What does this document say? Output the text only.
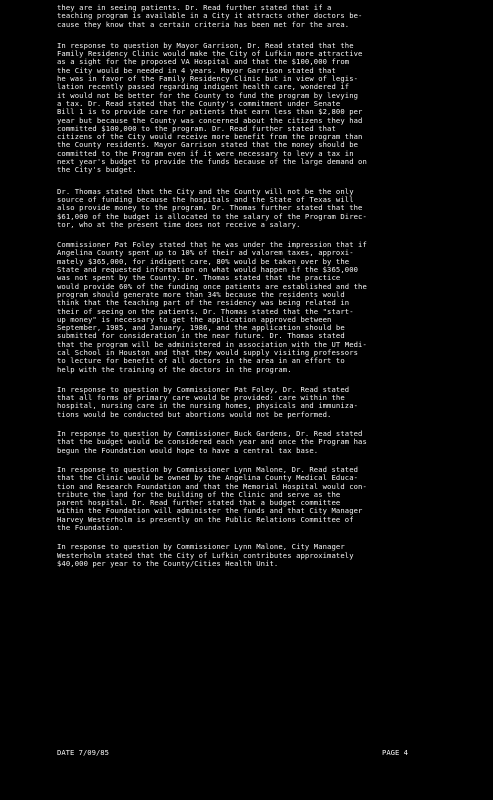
they are in seeing patients. Dr. Read further stated that if a
teaching program is available in a City it attracts other doctors be-
cause they know that a certain criteria has been met for the area.

In response to question by Mayor Garrison, Dr. Read stated that the
Family Residency Clinic would make the City of Lufkin more attractive
as a sight for the proposed VA Hospital and that the $100,000 from
the City would be needed in 4 years. Mayor Garrison stated that
he was in favor of the Family Residency Clinic but in view of legis-
lation recently passed regarding indigent health care, wondered if
it would not be better for the County to fund the program by levying
a tax. Dr. Read stated that the County's commitment under Senate
Bill 1 is to provide care for patients that earn less than $2,800 per
year but because the County was concerned about the citizens they had
committed $100,000 to the program. Dr. Read further stated that
citizens of the City would receive more benefit from the program than
the County residents. Mayor Garrison stated that the money should be
committed to the Program even if it were necessary to levy a tax in
next year's budget to provide the funds because of the large demand on
the City's budget.

Dr. Thomas stated that the City and the County will not be the only
source of funding because the hospitals and the State of Texas will
also provide money to the program. Dr. Thomas further stated that the
$61,000 of the budget is allocated to the salary of the Program Direc-
tor, who at the present time does not receive a salary.

Commissioner Pat Foley stated that he was under the impression that if
Angelina County spent up to 10% of their ad valorem taxes, approxi-
mately $365,000, for indigent care, 80% would be taken over by the
State and requested information on what would happen if the $365,000
was not spent by the County. Dr. Thomas stated that the practice
would provide 60% of the funding once patients are established and the
program should generate more than 34% because the residents would
think that the teaching part of the residency was being related in
their of seeing on the patients. Dr. Thomas stated that the "start-
up money" is necessary to get the application approved between
September, 1985, and January, 1986, and the application should be
submitted for consideration in the near future. Dr. Thomas stated
that the program will be administered in association with the UT Medi-
cal School in Houston and that they would supply visiting professors
to lecture for benefit of all doctors in the area in an effort to
help with the training of the doctors in the program.

In response to question by Commissioner Pat Foley, Dr. Read stated
that all forms of primary care would be provided: care within the
hospital, nursing care in the nursing homes, physicals and immuniza-
tions would be conducted but abortions would not be performed.

In response to question by Commissioner Buck Gardens, Dr. Read stated
that the budget would be considered each year and once the Program has
begun the Foundation would hope to have a central tax base.

In response to question by Commissioner Lynn Malone, Dr. Read stated
that the Clinic would be owned by the Angelina County Medical Educa-
tion and Research Foundation and that the Memorial Hospital would con-
tribute the land for the building of the Clinic and serve as the
parent hospital. Dr. Read further stated that a budget committee
within the Foundation will administer the funds and that City Manager
Harvey Westerholm is presently on the Public Relations Committee of
the Foundation.

In response to question by Commissioner Lynn Malone, City Manager
Westerholm stated that the City of Lufkin contributes approximately
$40,000 per year to the County/Cities Health Unit.

DATE 7/09/85	PAGE 4
